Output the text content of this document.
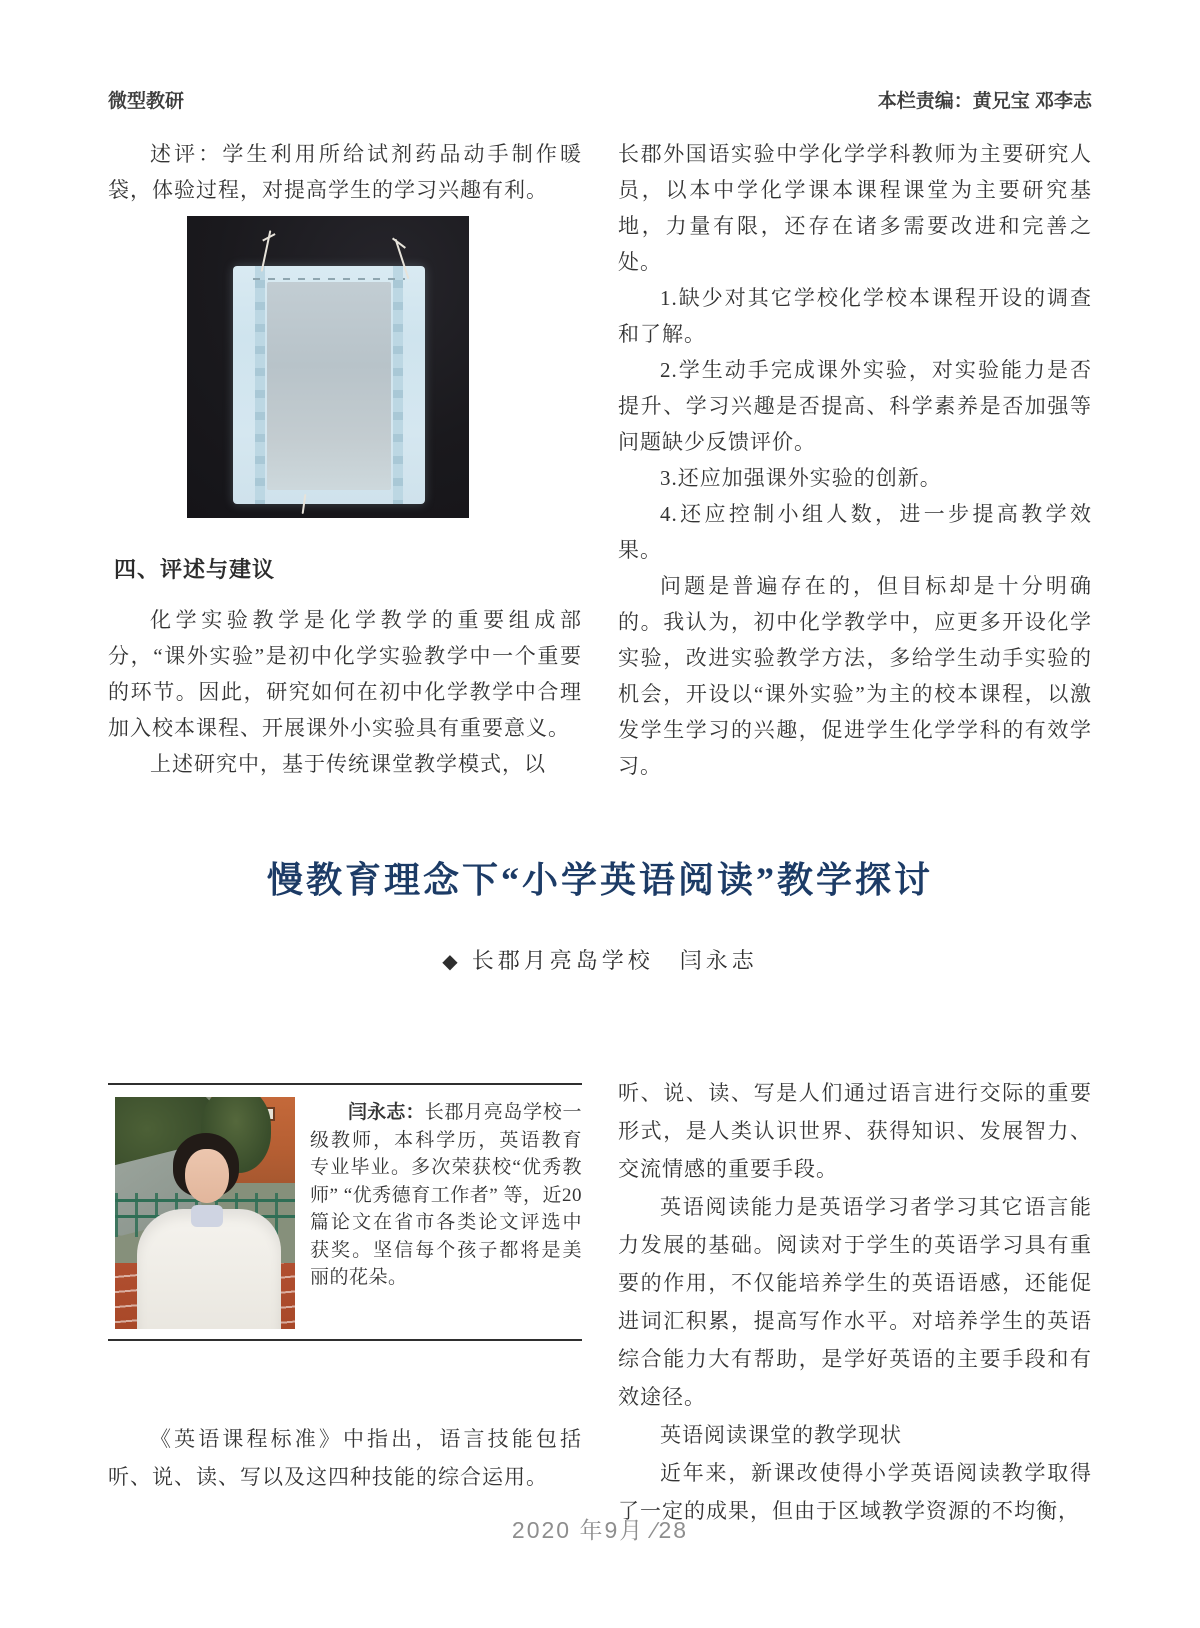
微型教研	本栏责编：黄兄宝 邓李志

述评：学生利用所给试剂药品动手制作暖袋，体验过程，对提高学生的学习兴趣有利。

四、评述与建议

化学实验教学是化学教学的重要组成部分，“课外实验”是初中化学实验教学中一个重要的环节。因此，研究如何在初中化学教学中合理加入校本课程、开展课外小实验具有重要意义。

上述研究中，基于传统课堂教学模式，以

长郡外国语实验中学化学学科教师为主要研究人员，以本中学化学课本课程课堂为主要研究基地，力量有限，还存在诸多需要改进和完善之处。

1.缺少对其它学校化学校本课程开设的调查和了解。

2.学生动手完成课外实验，对实验能力是否提升、学习兴趣是否提高、科学素养是否加强等问题缺少反馈评价。

3.还应加强课外实验的创新。

4.还应控制小组人数，进一步提高教学效果。

问题是普遍存在的，但目标却是十分明确的。我认为，初中化学教学中，应更多开设化学实验，改进实验教学方法，多给学生动手实验的机会，开设以“课外实验”为主的校本课程，以激发学生学习的兴趣，促进学生化学学科的有效学习。

慢教育理念下“小学英语阅读”教学探讨
◆ 长郡月亮岛学校　闫永志
闫永志：长郡月亮岛学校一级教师，本科学历，英语教育专业毕业。多次荣获校“优秀教师” “优秀德育工作者” 等，近20篇论文在省市各类论文评选中获奖。坚信每个孩子都将是美丽的花朵。

《英语课程标准》中指出，语言技能包括听、说、读、写以及这四种技能的综合运用。

听、说、读、写是人们通过语言进行交际的重要形式，是人类认识世界、获得知识、发展智力、交流情感的重要手段。

英语阅读能力是英语学习者学习其它语言能力发展的基础。阅读对于学生的英语学习具有重要的作用，不仅能培养学生的英语语感，还能促进词汇积累，提高写作水平。对培养学生的英语综合能力大有帮助，是学好英语的主要手段和有效途径。

英语阅读课堂的教学现状

近年来，新课改使得小学英语阅读教学取得了一定的成果，但由于区域教学资源的不均衡，

2020 年9月 ∕28
